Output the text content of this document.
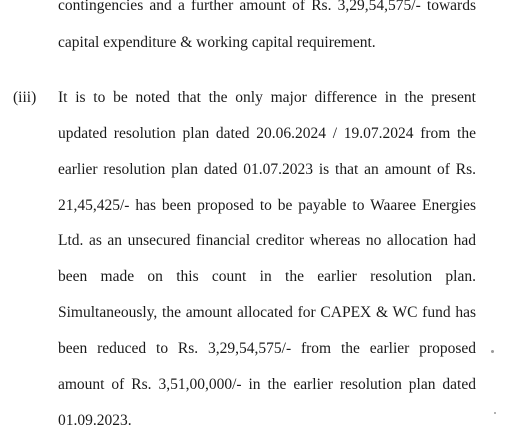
contingencies and a further amount of Rs. 3,29,54,575/- towards
capital expenditure & working capital requirement.
(iii) It is to be noted that the only major difference in the present
updated resolution plan dated 20.06.2024 / 19.07.2024 from the
earlier resolution plan dated 01.07.2023 is that an amount of Rs.
21,45,425/- has been proposed to be payable to Waaree Energies
Ltd. as an unsecured financial creditor whereas no allocation had
been made on this count in the earlier resolution plan.
Simultaneously, the amount allocated for CAPEX & WC fund has
been reduced to Rs. 3,29,54,575/- from the earlier proposed
amount of Rs. 3,51,00,000/- in the earlier resolution plan dated
01.09.2023.
